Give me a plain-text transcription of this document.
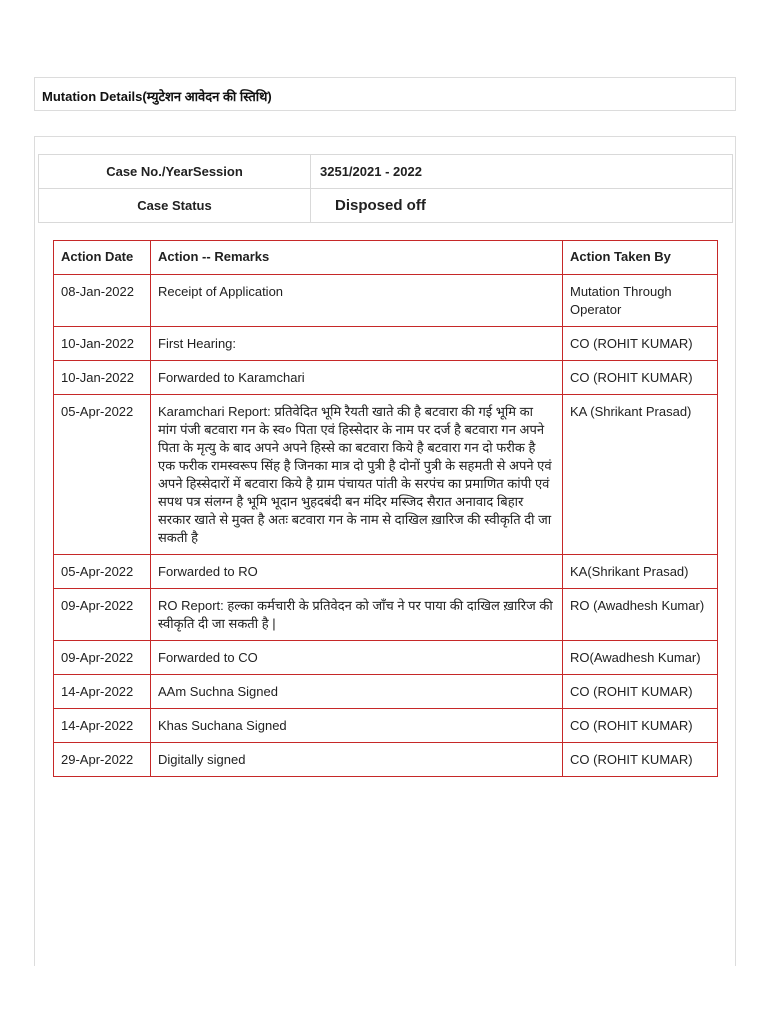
Mutation Details(म्युटेशन आवेदन की स्तिथि)
Case No./YearSession	3251/2021 - 2022
Case Status	Disposed off
Action Date	Action -- Remarks	Action Taken By
08-Jan-2022	Receipt of Application	Mutation Through Operator
10-Jan-2022	First Hearing:	CO (ROHIT KUMAR)
10-Jan-2022	Forwarded to Karamchari	CO (ROHIT KUMAR)
05-Apr-2022	Karamchari Report: प्रतिवेदित भूमि रैयती खाते की है बटवारा की गई भूमि का मांग पंजी बटवारा गन के स्व० पिता एवं हिस्सेदार के नाम पर दर्ज है बटवारा गन अपने पिता के मृत्यु के बाद अपने अपने हिस्से का बटवारा किये है बटवारा गन दो फरीक है एक फरीक रामस्वरूप सिंह है जिनका मात्र दो पुत्री है दोनों पुत्री के सहमती से अपने एवं अपने हिस्सेदारों में बटवारा किये है ग्राम पंचायत पांती के सरपंच का प्रमाणित कांपी एवं सपथ पत्र संलग्न है भूमि भूदान भुहदबंदी बन मंदिर मस्जिद सैरात अनावाद बिहार सरकार खाते से मुक्त है अतः बटवारा गन के नाम से दाखिल ख़ारिज की स्वीकृति दी जा सकती है	KA (Shrikant Prasad)
05-Apr-2022	Forwarded to RO	KA(Shrikant Prasad)
09-Apr-2022	RO Report: हल्का कर्मचारी के प्रतिवेदन को जाँच ने पर पाया की दाखिल ख़ारिज की स्वीकृति दी जा सकती है |	RO (Awadhesh Kumar)
09-Apr-2022	Forwarded to CO	RO(Awadhesh Kumar)
14-Apr-2022	AAm Suchna Signed	CO (ROHIT KUMAR)
14-Apr-2022	Khas Suchana Signed	CO (ROHIT KUMAR)
29-Apr-2022	Digitally signed	CO (ROHIT KUMAR)
